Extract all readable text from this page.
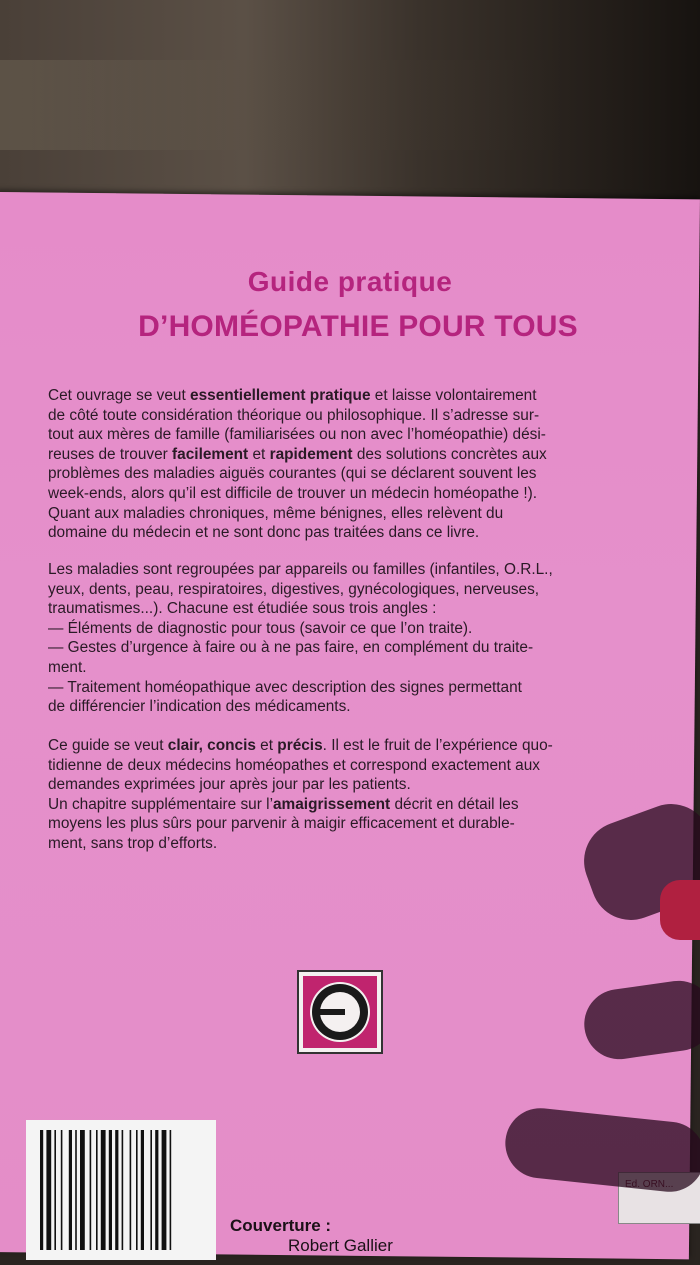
Guide pratique
D’HOMÉOPATHIE POUR TOUS
Cet ouvrage se veut essentiellement pratique et laisse volontairement
de côté toute considération théorique ou philosophique. Il s’adresse sur-
tout aux mères de famille (familiarisées ou non avec l’homéopathie) dési-
reuses de trouver facilement et rapidement des solutions concrètes aux
problèmes des maladies aiguës courantes (qui se déclarent souvent les
week-ends, alors qu’il est difficile de trouver un médecin homéopathe !).
Quant aux maladies chroniques, même bénignes, elles relèvent du
domaine du médecin et ne sont donc pas traitées dans ce livre.
Les maladies sont regroupées par appareils ou familles (infantiles, O.R.L.,
yeux, dents, peau, respiratoires, digestives, gynécologiques, nerveuses,
traumatismes...). Chacune est étudiée sous trois angles :
— Éléments de diagnostic pour tous (savoir ce que l’on traite).
— Gestes d’urgence à faire ou à ne pas faire, en complément du traite-
ment.
— Traitement homéopathique avec description des signes permettant
de différencier l’indication des médicaments.
Ce guide se veut clair, concis et précis. Il est le fruit de l’expérience quo-
tidienne de deux médecins homéopathes et correspond exactement aux
demandes exprimées jour après jour par les patients.
Un chapitre supplémentaire sur l’amaigrissement décrit en détail les
moyens les plus sûrs pour parvenir à maigir efficacement et durable-
ment, sans trop d’efforts.
Couverture :
Robert Gallier
